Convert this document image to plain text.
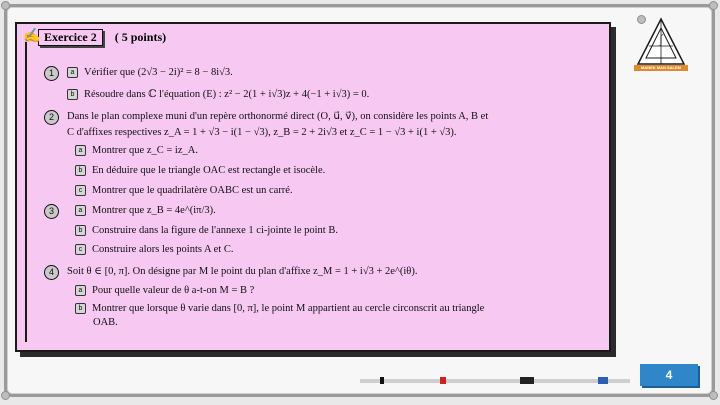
✍ Exercice 2	( 5 points)
1	a Vérifier que (2√3 − 2i)² = 8 − 8i√3.
b Résoudre dans ℂ l'équation (E) : z² − 2(1 + i√3)z + 4(−1 + i√3) = 0.
2	Dans le plan complexe muni d'un repère orthonormé direct (O, u⃗, v⃗), on considère les points A, B et
C d'affixes respectives z_A = 1 + √3 − i(1 − √3), z_B = 2 + 2i√3 et z_C = 1 − √3 + i(1 + √3).
a Montrer que z_C = iz_A.
b En déduire que le triangle OAC est rectangle et isocèle.
c Montrer que le quadrilatère OABC est un carré.
3	a Montrer que z_B = 4e^(iπ/3).
b Construire dans la figure de l'annexe 1 ci-jointe le point B.
c Construire alors les points A et C.
4	Soit θ ∈ [0, π]. On désigne par M le point du plan d'affixe z_M = 1 + i√3 + 2e^(iθ).
a Pour quelle valeur de θ a-t-on M = B ?
b Montrer que lorsque θ varie dans [0, π], le point M appartient au cercle circonscrit au triangle
OAB.
∫
MANEK MAN SALEM
4
